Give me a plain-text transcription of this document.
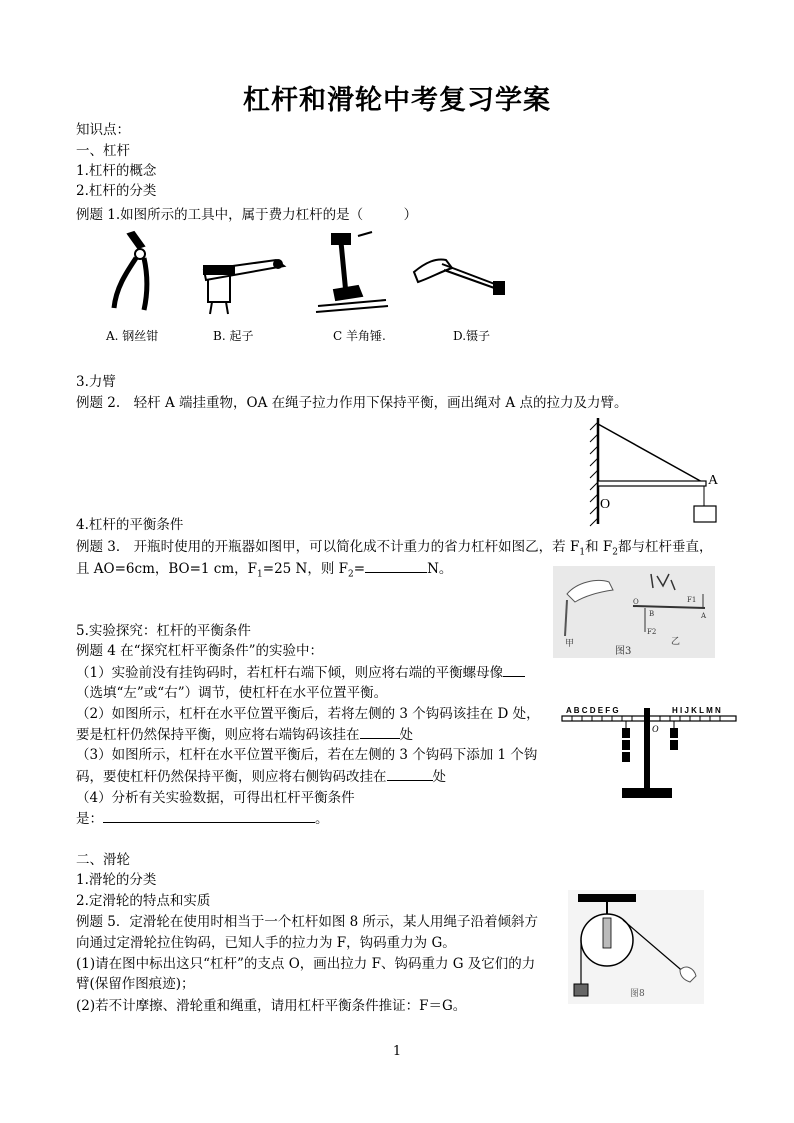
杠杆和滑轮中考复习学案
知识点：
一、杠杆
1.杠杆的概念
2.杠杆的分类
例题 1.如图所示的工具中，属于费力杠杆的是（　　　）
A. 钢丝钳	B. 起子	C 羊角锤.	D.镊子
3.力臂
例题 2.　轻杆 A 端挂重物，OA 在绳子拉力作用下保持平衡，画出绳对 A 点的拉力及力臂。
A
O
4.杠杆的平衡条件
例题 3． 开瓶时使用的开瓶器如图甲，可以简化成不计重力的省力杠杆如图乙，若 $F_1$和 $F_2$都与杠杆垂直，
且 AO=6cm，BO=1 cm，$F_1=25$ N，则 $F_2=$	N。
甲
F1
F2
O
B	A
乙
图3
5.实验探究：杠杆的平衡条件
例题 4 在“探究杠杆平衡条件”的实验中：
（1）实验前没有挂钩码时，若杠杆右端下倾，则应将右端的平衡螺母像
（选填“左”或“右”）调节，使杠杆在水平位置平衡。
（2）如图所示，杠杆在水平位置平衡后，若将左侧的 3 个钩码该挂在 D 处，
要是杠杆仍然保持平衡，则应将右端钩码该挂在	处
（3）如图所示，杠杆在水平位置平衡后，若在左侧的 3 个钩码下添加 1 个钩
码，要使杠杆仍然保持平衡，则应将右侧钩码改挂在	处
（4）分析有关实验数据，可得出杠杆平衡条件
是：	。
A B C D E F G	H I J K L M N
O
二、滑轮
1.滑轮的分类
2.定滑轮的特点和实质
例题 5．定滑轮在使用时相当于一个杠杆如图 8 所示，某人用绳子沿着倾斜方
向通过定滑轮拉住钩码，已知人手的拉力为 F，钩码重力为 G。
(1)请在图中标出这只“杠杆”的支点 O，画出拉力 F、钩码重力 G 及它们的力
臂(保留作图痕迹)；
(2)若不计摩擦、滑轮重和绳重，请用杠杆平衡条件推证：F＝G。
图8
1
